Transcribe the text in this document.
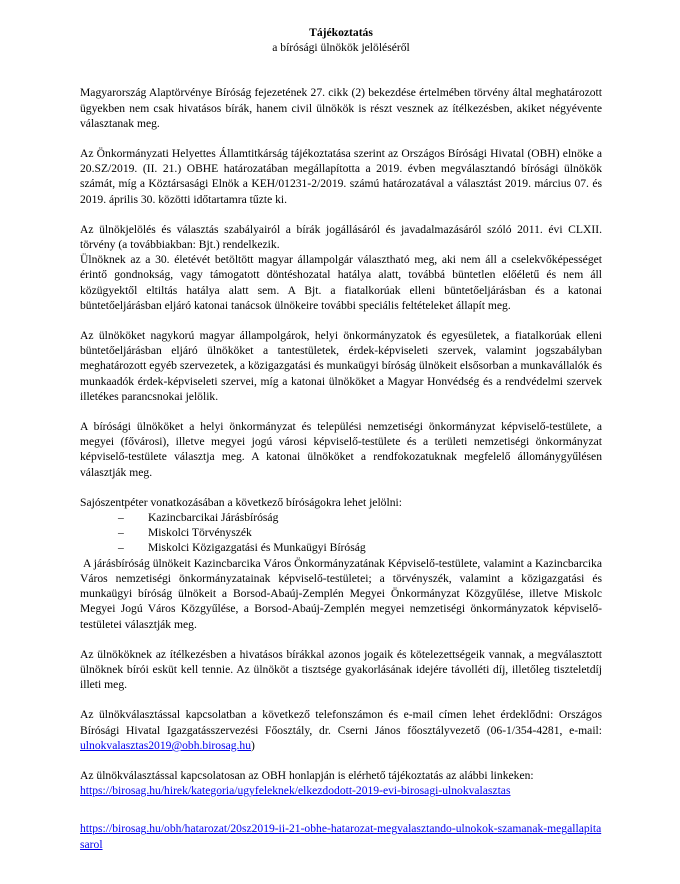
Tájékoztatás

a bírósági ülnökök jelöléséről

Magyarország Alaptörvénye Bíróság fejezetének 27. cikk (2) bekezdése értelmében törvény által meghatározott ügyekben nem csak hivatásos bírák, hanem civil ülnökök is részt vesznek az ítélkezésben, akiket négyévente választanak meg.

Az Önkormányzati Helyettes Államtitkárság tájékoztatása szerint az Országos Bírósági Hivatal (OBH) elnöke a 20.SZ/2019. (II. 21.) OBHE határozatában megállapította a 2019. évben megválasztandó bírósági ülnökök számát, míg a Köztársasági Elnök a KEH/01231-2/2019. számú határozatával a választást 2019. március 07. és 2019. április 30. közötti időtartamra tűzte ki.

Az ülnökjelölés és választás szabályairól a bírák jogállásáról és javadalmazásáról szóló 2011. évi CLXII. törvény (a továbbiakban: Bjt.) rendelkezik.

Ülnöknek az a 30. életévét betöltött magyar állampolgár választható meg, aki nem áll a cselekvőképességet érintő gondnokság, vagy támogatott döntéshozatal hatálya alatt, továbbá büntetlen előéletű és nem áll közügyektől eltiltás hatálya alatt sem. A Bjt. a fiatalkorúak elleni büntetőeljárásban és a katonai büntetőeljárásban eljáró katonai tanácsok ülnökeire további speciális feltételeket állapít meg.

Az ülnököket nagykorú magyar állampolgárok, helyi önkormányzatok és egyesületek, a fiatalkorúak elleni büntetőeljárásban eljáró ülnököket a tantestületek, érdek-képviseleti szervek, valamint jogszabályban meghatározott egyéb szervezetek, a közigazgatási és munkaügyi bíróság ülnökeit elsősorban a munkavállalók és munkaadók érdek-képviseleti szervei, míg a katonai ülnököket a Magyar Honvédség és a rendvédelmi szervek illetékes parancsnokai jelölik.

A bírósági ülnököket a helyi önkormányzat és települési nemzetiségi önkormányzat képviselő-testülete, a megyei (fővárosi), illetve megyei jogú városi képviselő-testülete és a területi nemzetiségi önkormányzat képviselő-testülete választja meg. A katonai ülnököket a rendfokozatuknak megfelelő állománygyűlésen választják meg.

Sajószentpéter vonatkozásában a következő bíróságokra lehet jelölni:

–	Kazincbarcikai Járásbíróság
–	Miskolci Törvényszék
–	Miskolci Közigazgatási és Munkaügyi Bíróság

A járásbíróság ülnökeit Kazincbarcika Város Önkormányzatának Képviselő-testülete, valamint a Kazincbarcika Város nemzetiségi önkormányzatainak képviselő-testületei; a törvényszék, valamint a közigazgatási és munkaügyi bíróság ülnökeit a Borsod-Abaúj-Zemplén Megyei Önkormányzat Közgyűlése, illetve Miskolc Megyei Jogú Város Közgyűlése, a Borsod-Abaúj-Zemplén megyei nemzetiségi önkormányzatok képviselő-testületei választják meg.

Az ülnököknek az ítélkezésben a hivatásos bírákkal azonos jogaik és kötelezettségeik vannak, a megválasztott ülnöknek bírói esküt kell tennie. Az ülnököt a tisztsége gyakorlásának idejére távolléti díj, illetőleg tiszteletdíj illeti meg.

Az ülnökválasztással kapcsolatban a következő telefonszámon és e-mail címen lehet érdeklődni: Országos Bírósági Hivatal Igazgatásszervezési Főosztály, dr. Cserni János főosztályvezető (06-1/354-4281, e-mail: ulnokvalasztas2019@obh.birosag.hu)

Az ülnökválasztással kapcsolatosan az OBH honlapján is elérhető tájékoztatás az alábbi linkeken:

https://birosag.hu/hirek/kategoria/ugyfeleknek/elkezdodott-2019-evi-birosagi-ulnokvalasztas

https://birosag.hu/obh/hatarozat/20sz2019-ii-21-obhe-hatarozat-megvalasztando-ulnokok-szamanak-megallapitasarol
